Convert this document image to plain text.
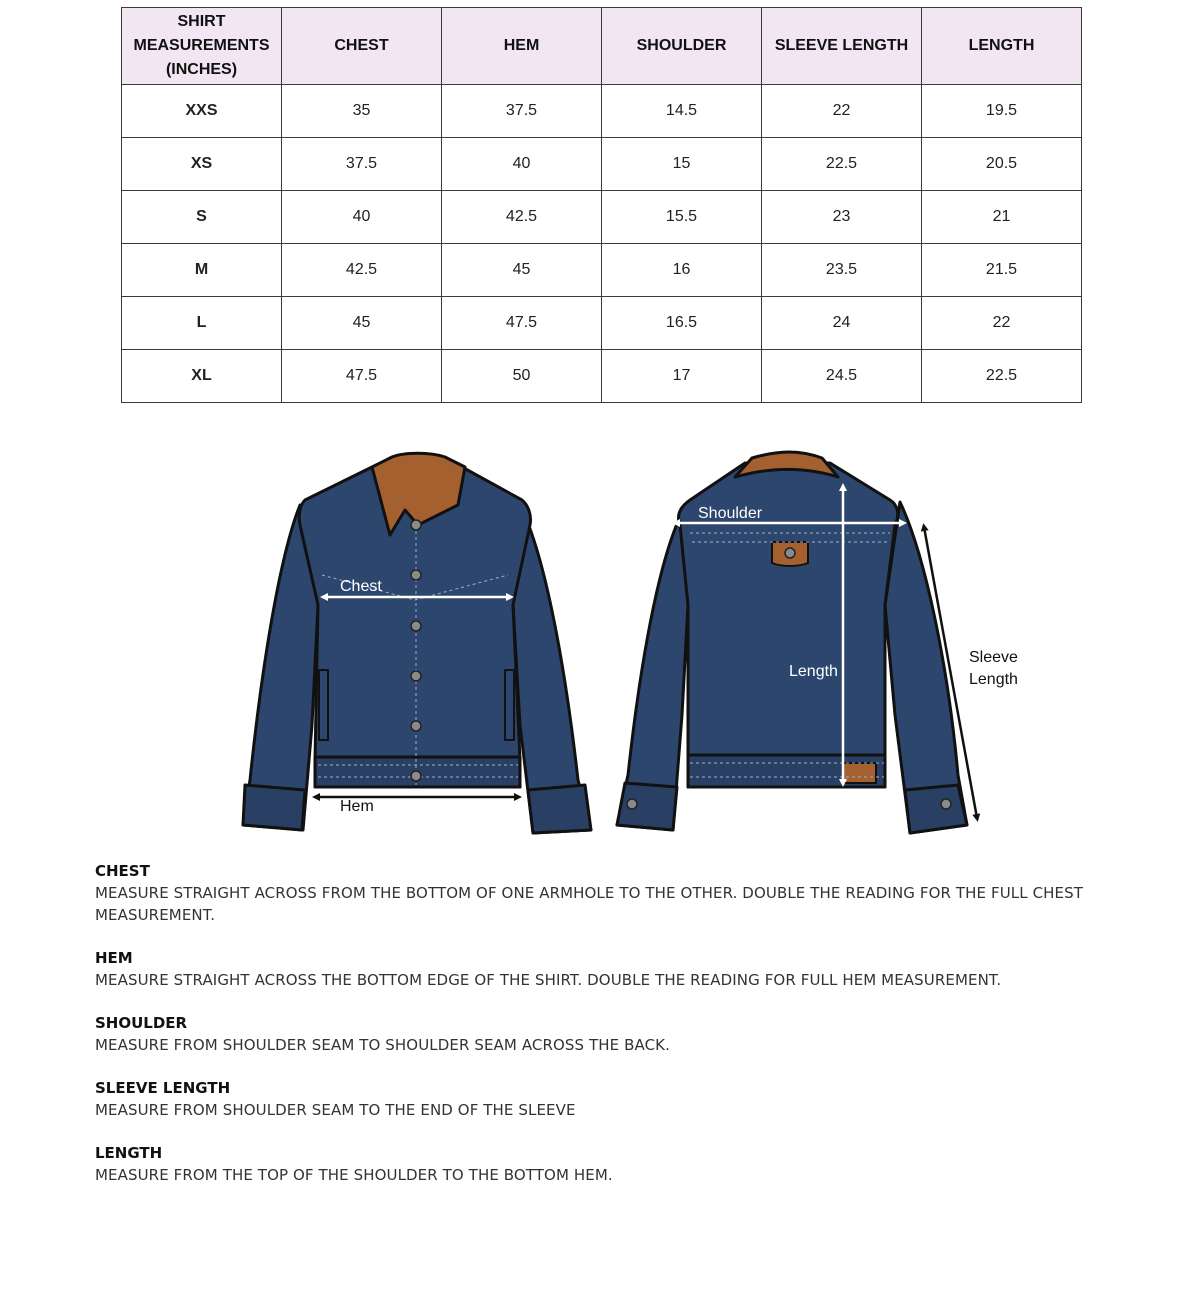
SHIRT
MEASUREMENTS
(INCHES)	CHEST	HEM	SHOULDER	SLEEVE LENGTH	LENGTH
XXS	35	37.5	14.5	22	19.5
XS	37.5	40	15	22.5	20.5
S	40	42.5	15.5	23	21
M	42.5	45	16	23.5	21.5
L	45	47.5	16.5	24	22
XL	47.5	50	17	24.5	22.5
Chest
Hem
Shoulder
Length
Sleeve
Length
CHEST
MEASURE STRAIGHT ACROSS FROM THE BOTTOM OF ONE ARMHOLE TO THE OTHER. DOUBLE THE READING FOR THE FULL CHEST MEASUREMENT.
HEM
MEASURE STRAIGHT ACROSS THE BOTTOM EDGE OF THE SHIRT. DOUBLE THE READING FOR FULL HEM MEASUREMENT.
SHOULDER
MEASURE FROM SHOULDER SEAM TO SHOULDER SEAM ACROSS THE BACK.
SLEEVE LENGTH
MEASURE FROM SHOULDER SEAM TO THE END OF THE SLEEVE
LENGTH
MEASURE FROM THE TOP OF THE SHOULDER TO THE BOTTOM HEM.
